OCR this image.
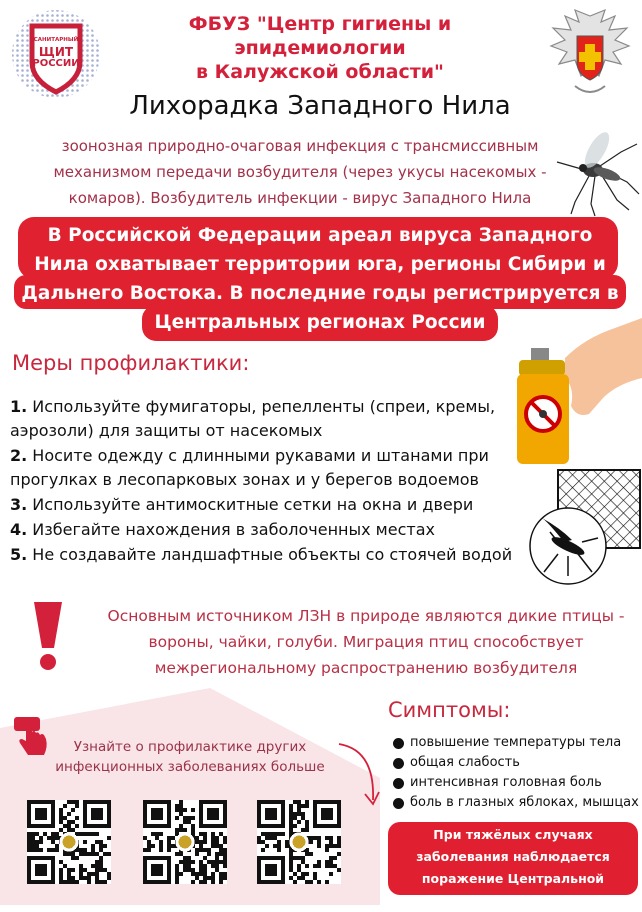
САНИТАРНЫЙ
ЩИТ
РОССИИ
ФБУЗ "Центр гигиены и эпидемиологии
в Калужской области"
Лихорадка Западного Нила
зоонозная природно-очаговая инфекция с трансмиссивным механизмом передачи возбудителя (через укусы насекомых - комаров). Возбудитель инфекции - вирус Западного Нила
В Российской Федерации ареал вируса Западного Нила охватывает территории юга, регионы Сибири и Дальнего Востока. В последние годы регистрируется в Центральных регионах России
Меры профилактики:
1. Используйте фумигаторы, репелленты (спреи, кремы, аэрозоли) для защиты от насекомых
2. Носите одежду с длинными рукавами и штанами при прогулках в лесопарковых зонах и у берегов водоемов
3. Используйте антимоскитные сетки на окна и двери
4. Избегайте нахождения в заболоченных местах
5. Не создавайте ландшафтные объекты со стоячей водой
Основным источником ЛЗН в природе являются дикие птицы - вороны, чайки, голуби. Миграция птиц способствует межрегиональному распространению возбудителя
Симптомы:
повышение температуры тела
общая слабость
интенсивная головная боль
боль в глазных яблоках, мышцах
При тяжёлых случаях заболевания наблюдается поражение Центральной нервной системы
Узнайте о профилактике других инфекционных заболеваниях больше
